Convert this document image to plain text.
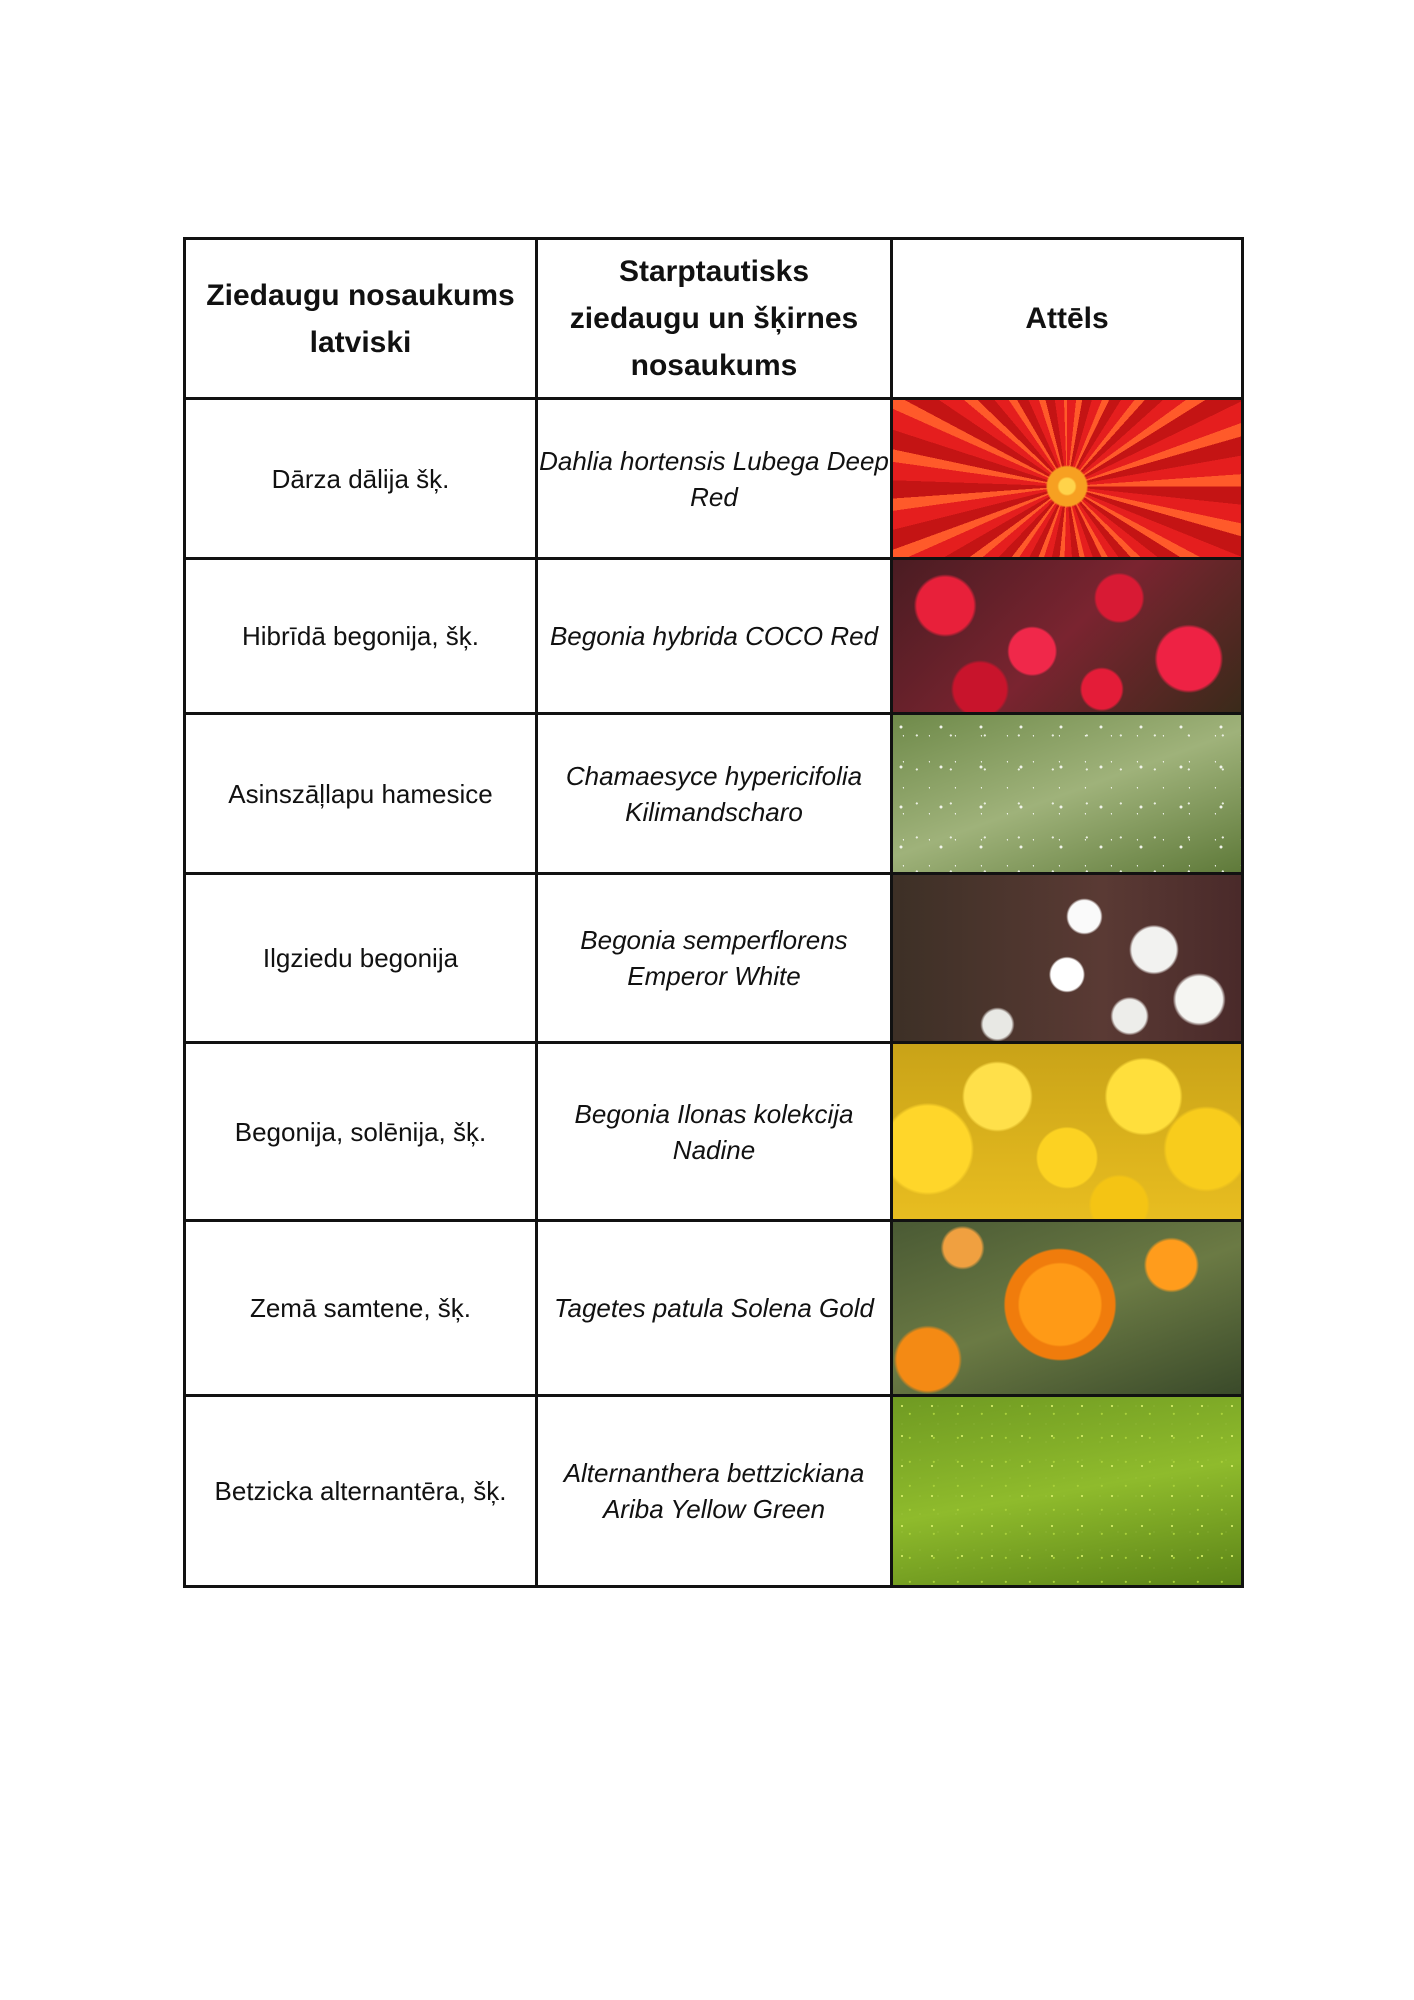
Ziedaugu nosaukums latviski	Starptautisks ziedaugu un šķirnes nosaukums	Attēls
Dārza dālija šķ.	Dahlia hortensis Lubega Deep Red	

Hibrīdā begonija, šķ.	Begonia hybrida COCO Red	

Asinszāļlapu hamesice	Chamaesyce hypericifolia Kilimandscharo	

Ilgziedu begonija	Begonia semperflorens Emperor White	

Begonija, solēnija, šķ.	Begonia Ilonas kolekcija Nadine	

Zemā samtene, šķ.	Tagetes patula Solena Gold	

Betzicka alternantēra, šķ.	Alternanthera bettzickiana Ariba Yellow Green	
